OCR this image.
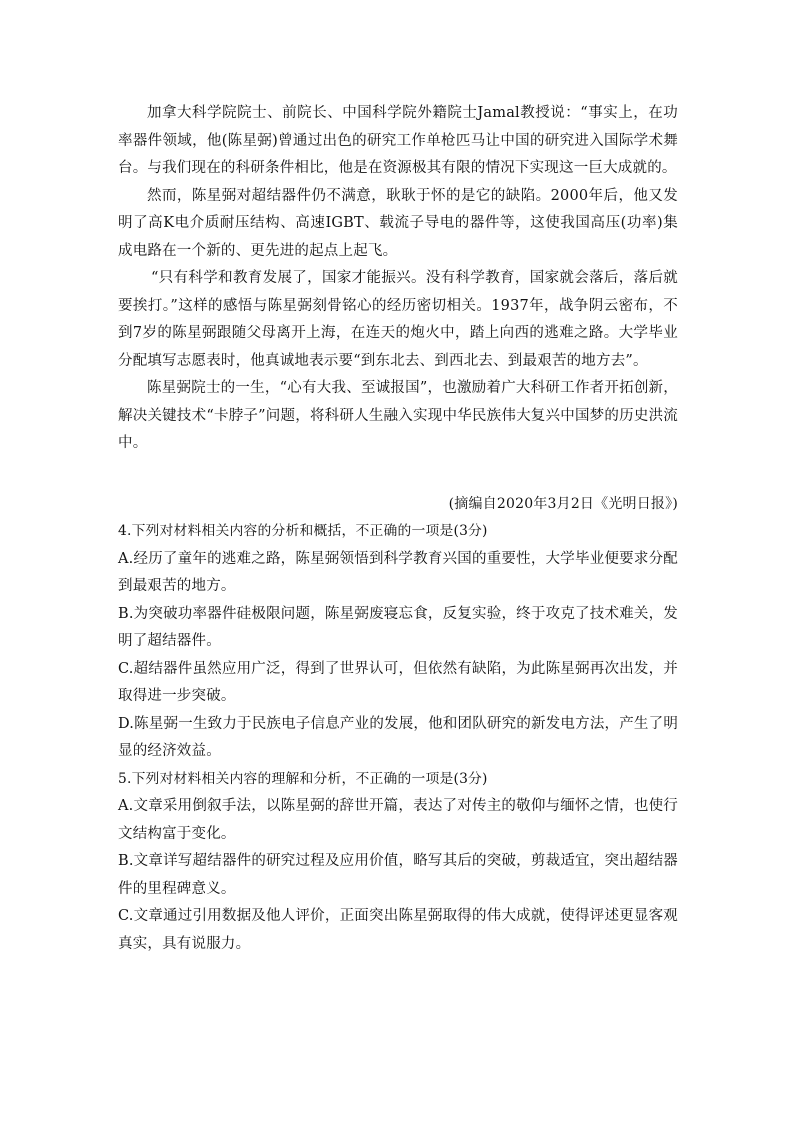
加拿大科学院院士、前院长、中国科学院外籍院士Jamal教授说：“事实上，在功率器件领域，他(陈星弼)曾通过出色的研究工作单枪匹马让中国的研究进入国际学术舞台。与我们现在的科研条件相比，他是在资源极其有限的情况下实现这一巨大成就的。

然而，陈星弼对超结器件仍不满意，耿耿于怀的是它的缺陷。2000年后，他又发明了高K电介质耐压结构、高速IGBT、载流子导电的器件等，这使我国高压(功率)集成电路在一个新的、更先进的起点上起飞。

“只有科学和教育发展了，国家才能振兴。没有科学教育，国家就会落后，落后就要挨打。”这样的感悟与陈星弼刻骨铭心的经历密切相关。1937年，战争阴云密布，不到7岁的陈星弼跟随父母离开上海，在连天的炮火中，踏上向西的逃难之路。大学毕业分配填写志愿表时，他真诚地表示要“到东北去、到西北去、到最艰苦的地方去”。

陈星弼院士的一生，“心有大我、至诚报国”，也激励着广大科研工作者开拓创新，解决关键技术“卡脖子”问题，将科研人生融入实现中华民族伟大复兴中国梦的历史洪流中。

(摘编自2020年3月2日《光明日报》)

4.下列对材料相关内容的分析和概括，不正确的一项是(3分)

A.经历了童年的逃难之路，陈星弼领悟到科学教育兴国的重要性，大学毕业便要求分配到最艰苦的地方。

B.为突破功率器件硅极限问题，陈星弼废寝忘食，反复实验，终于攻克了技术难关，发明了超结器件。

C.超结器件虽然应用广泛，得到了世界认可，但依然有缺陷，为此陈星弼再次出发，并取得进一步突破。

D.陈星弼一生致力于民族电子信息产业的发展，他和团队研究的新发电方法，产生了明显的经济效益。

5.下列对材料相关内容的理解和分析，不正确的一项是(3分)

A.文章采用倒叙手法，以陈星弼的辞世开篇，表达了对传主的敬仰与缅怀之情，也使行文结构富于变化。

B.文章详写超结器件的研究过程及应用价值，略写其后的突破，剪裁适宜，突出超结器件的里程碑意义。

C.文章通过引用数据及他人评价，正面突出陈星弼取得的伟大成就，使得评述更显客观真实，具有说服力。
